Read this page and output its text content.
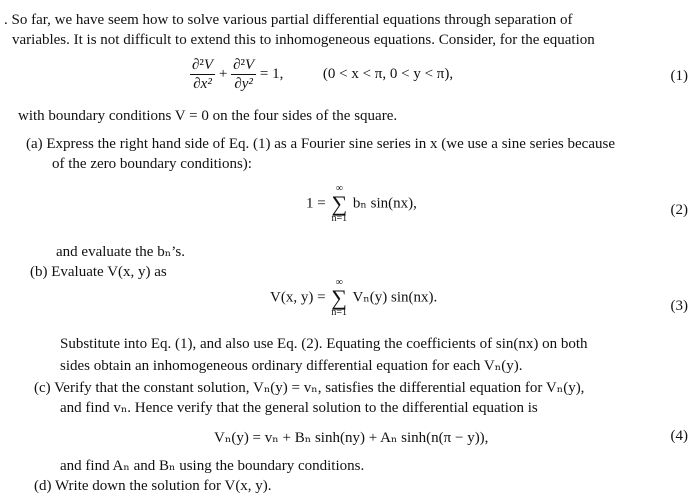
. So far, we have seem how to solve various partial differential equations through separation of
variables. It is not difficult to extend this to inhomogeneous equations. Consider, for the equation
$\frac{\text{∂²V}}{\text{∂x²}} + \frac{\text{∂²V}}{\text{∂y²}} = 1$,	(0 < x < π, 0 < y < π),	(1)
with boundary conditions V = 0 on the four sides of the square.
(a) Express the right hand side of Eq. (1) as a Fourier sine series in x (we use a sine series because
of the zero boundary conditions):
1 =
∞
∑
n=1
bₙ sin(nx),	(2)
and evaluate the bₙ’s.
(b) Evaluate V(x, y) as
V(x, y) =
∞
∑
n=1
Vₙ(y) sin(nx).
(3)
Substitute into Eq. (1), and also use Eq. (2). Equating the coefficients of sin(nx) on both
sides obtain an inhomogeneous ordinary differential equation for each Vₙ(y).
(c) Verify that the constant solution, Vₙ(y) = vₙ, satisfies the differential equation for Vₙ(y),
and find vₙ. Hence verify that the general solution to the differential equation is
Vₙ(y) = vₙ + Bₙ sinh(ny) + Aₙ sinh(n(π − y)),	(4)
and find Aₙ and Bₙ using the boundary conditions.
(d) Write down the solution for V(x, y).
